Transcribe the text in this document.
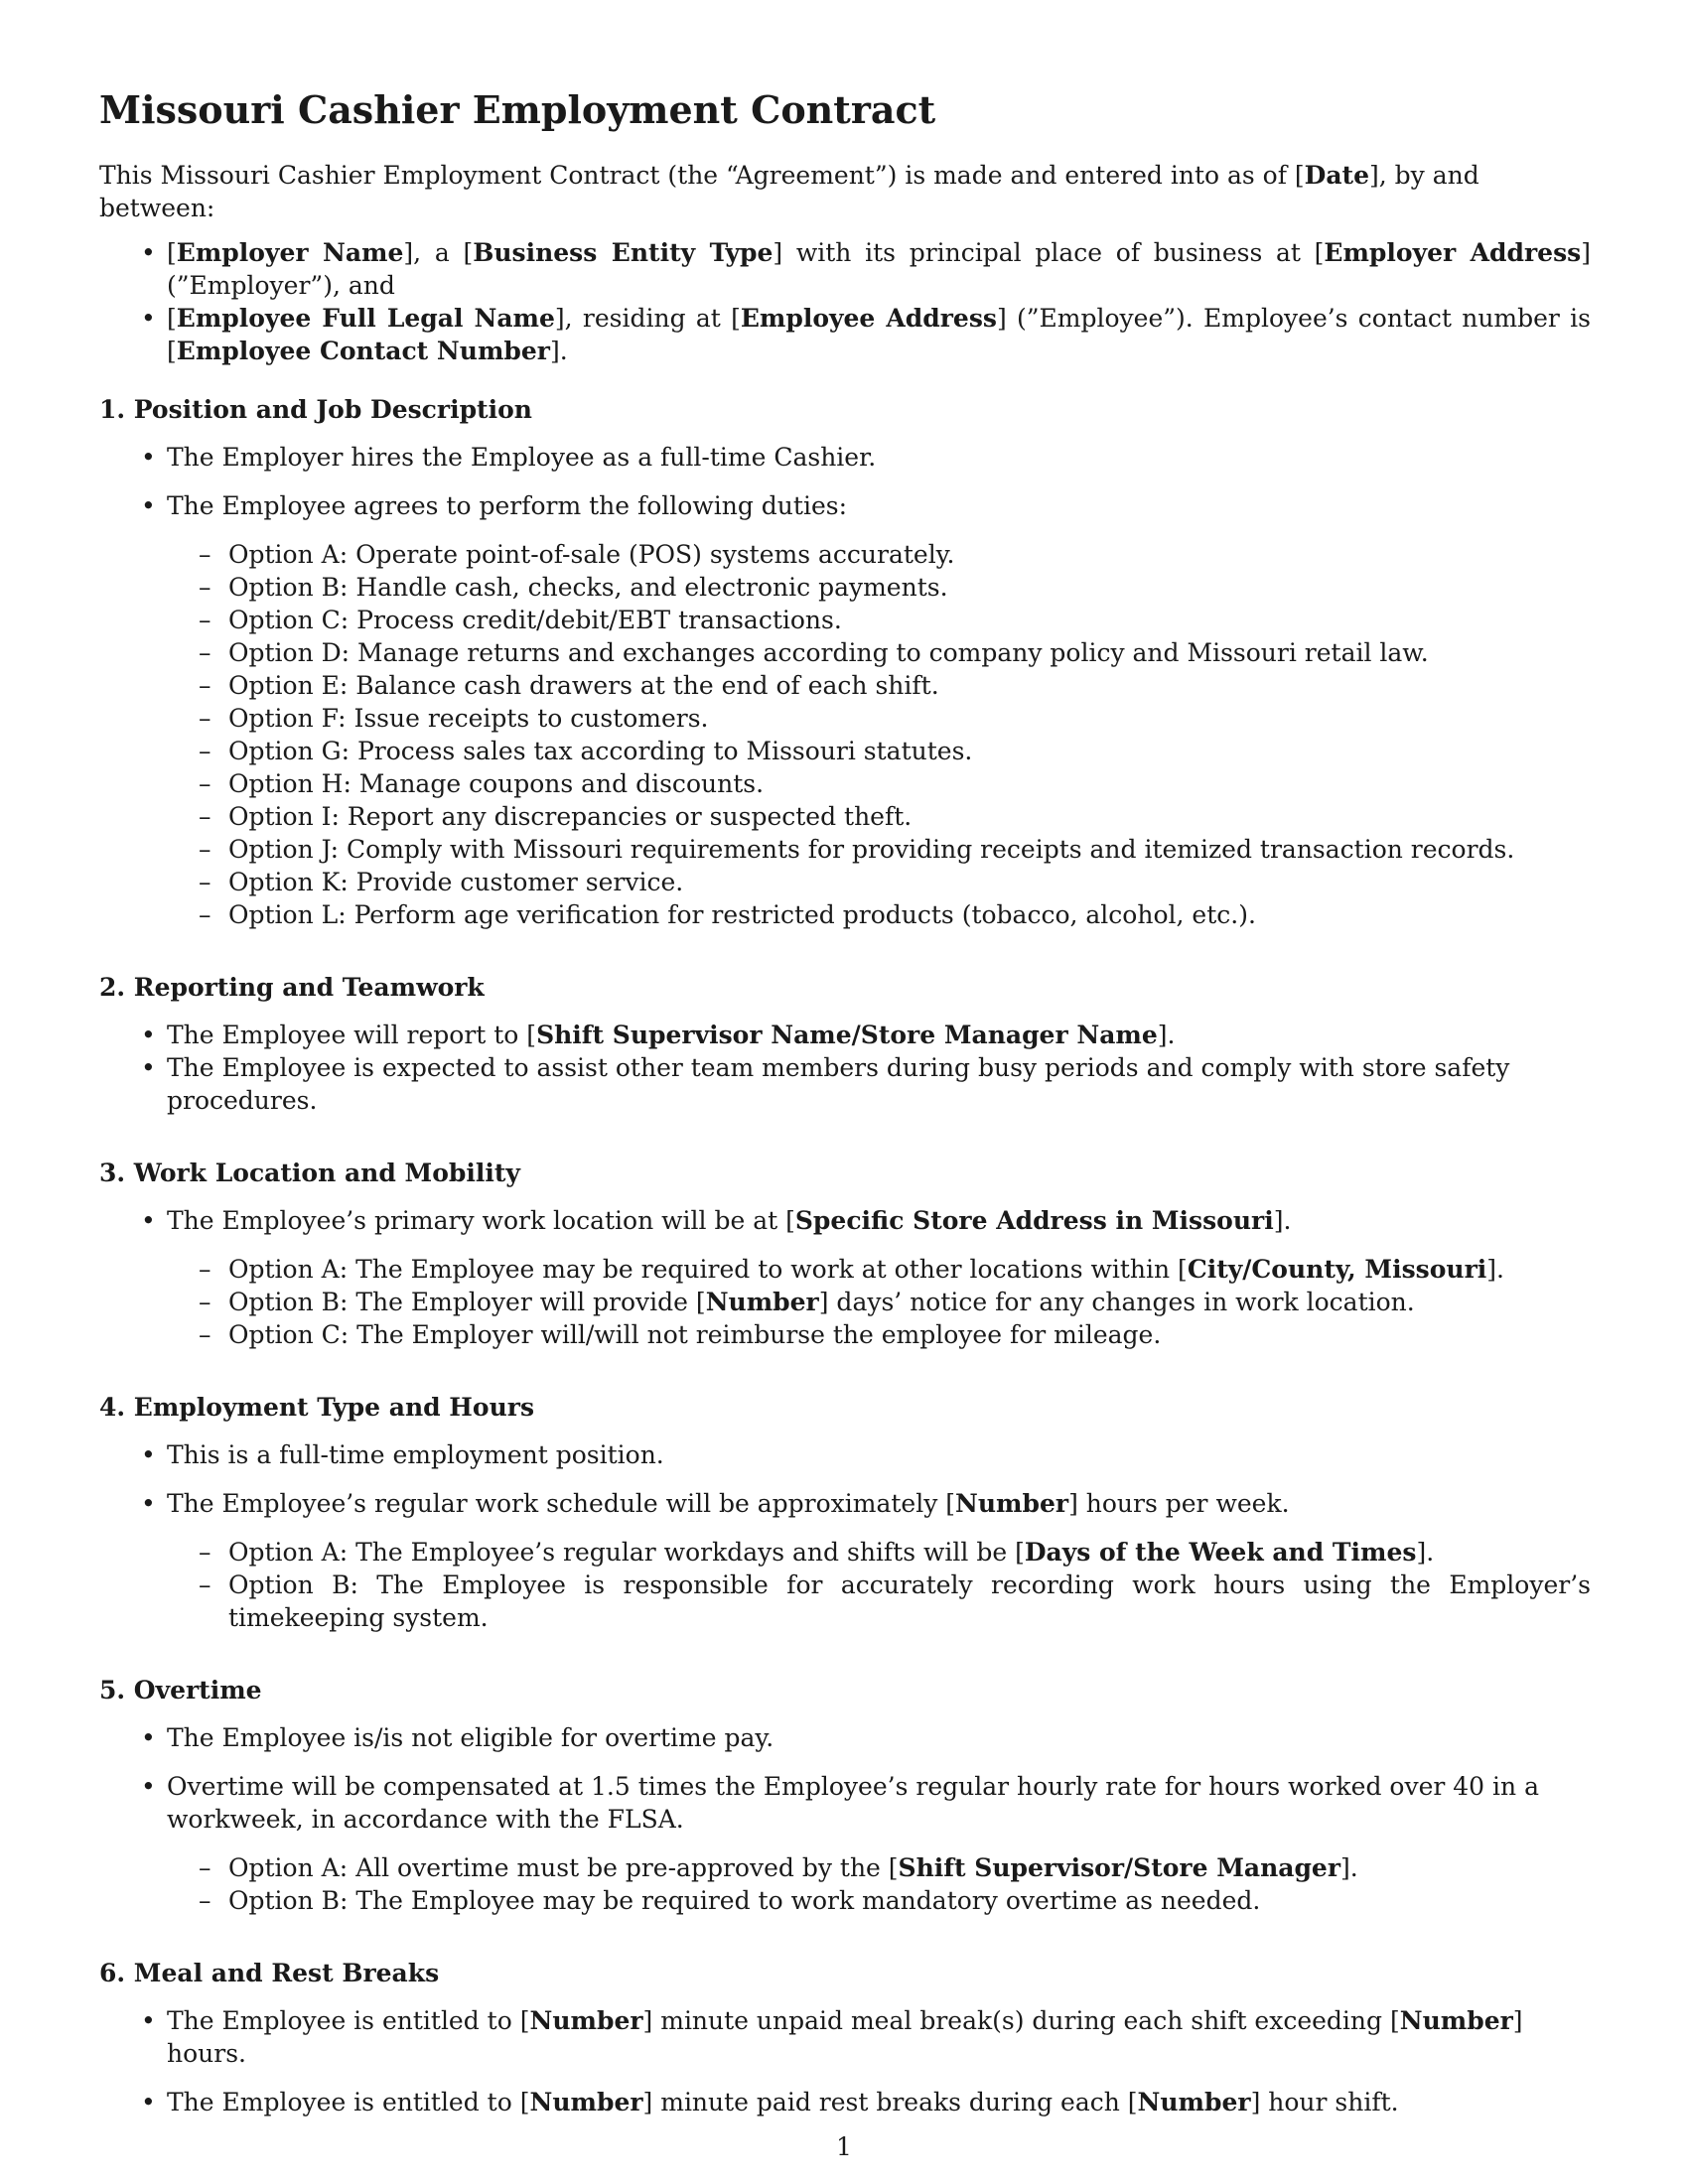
Missouri Cashier Employment Contract

This Missouri Cashier Employment Contract (the “Agreement”) is made and entered into as of [Date], by and between:

• [Employer Name], a [Business Entity Type] with its principal place of business at [Employer Address] (”Employer”), and
• [Employee Full Legal Name], residing at [Employee Address] (”Employee”). Employee’s contact number is [Employee Contact Number].
1. Position and Job Description
• The Employer hires the Employee as a full-time Cashier.
• The Employee agrees to perform the following duties:
– Option A: Operate point-of-sale (POS) systems accurately.
– Option B: Handle cash, checks, and electronic payments.
– Option C: Process credit/debit/EBT transactions.
– Option D: Manage returns and exchanges according to company policy and Missouri retail law.
– Option E: Balance cash drawers at the end of each shift.
– Option F: Issue receipts to customers.
– Option G: Process sales tax according to Missouri statutes.
– Option H: Manage coupons and discounts.
– Option I: Report any discrepancies or suspected theft.
– Option J: Comply with Missouri requirements for providing receipts and itemized transaction records.
– Option K: Provide customer service.
– Option L: Perform age verification for restricted products (tobacco, alcohol, etc.).
2. Reporting and Teamwork
• The Employee will report to [Shift Supervisor Name/Store Manager Name].
• The Employee is expected to assist other team members during busy periods and comply with store safety procedures.
3. Work Location and Mobility
• The Employee’s primary work location will be at [Specific Store Address in Missouri].
– Option A: The Employee may be required to work at other locations within [City/County, Missouri].
– Option B: The Employer will provide [Number] days’ notice for any changes in work location.
– Option C: The Employer will/will not reimburse the employee for mileage.
4. Employment Type and Hours
• This is a full-time employment position.
• The Employee’s regular work schedule will be approximately [Number] hours per week.
– Option A: The Employee’s regular workdays and shifts will be [Days of the Week and Times].
– Option B: The Employee is responsible for accurately recording work hours using the Employer’s timekeeping system.
5. Overtime
• The Employee is/is not eligible for overtime pay.
• Overtime will be compensated at 1.5 times the Employee’s regular hourly rate for hours worked over 40 in a workweek, in accordance with the FLSA.
– Option A: All overtime must be pre-approved by the [Shift Supervisor/Store Manager].
– Option B: The Employee may be required to work mandatory overtime as needed.
6. Meal and Rest Breaks
• The Employee is entitled to [Number] minute unpaid meal break(s) during each shift exceeding [Number] hours.
• The Employee is entitled to [Number] minute paid rest breaks during each [Number] hour shift.
1
